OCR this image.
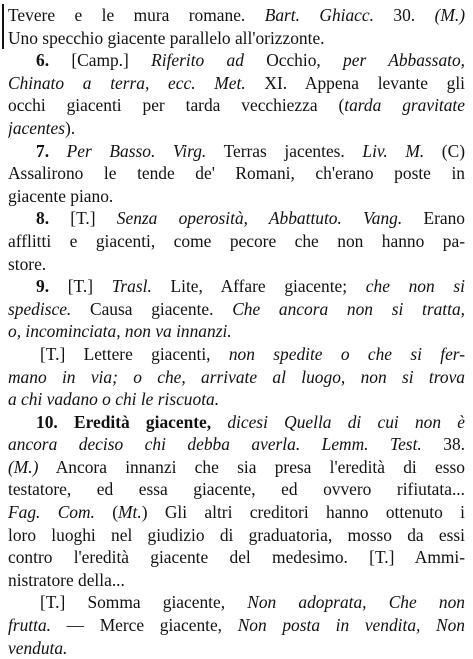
Tevere e le mura romane. Bart. Ghiacc. 30. (M.)
Uno specchio giacente parallelo all'orizzonte.
6. [Camp.] Riferito ad Occhio, per Abbassato,
Chinato a terra, ecc. Met. XI. Appena levante gli
occhi giacenti per tarda vecchiezza (tarda gravitate
jacentes).
7. Per Basso. Virg. Terras jacentes. Liv. M. (C)
Assalirono le tende de' Romani, ch'erano poste in
giacente piano.
8. [T.] Senza operosità, Abbattuto. Vang. Erano
afflitti e giacenti, come pecore che non hanno pa-
store.
9. [T.] Trasl. Lite, Affare giacente; che non si
spedisce. Causa giacente. Che ancora non si tratta,
o, incominciata, non va innanzi.
[T.] Lettere giacenti, non spedite o che si fer-
mano in via; o che, arrivate al luogo, non si trova
a chi vadano o chi le riscuota.
10. Eredità giacente, dicesi Quella di cui non è
ancora deciso chi debba averla. Lemm. Test. 38.
(M.) Ancora innanzi che sia presa l'eredità di esso
testatore, ed essa giacente, ed ovvero rifiutata...
Fag. Com. (Mt.) Gli altri creditori hanno ottenuto i
loro luoghi nel giudizio di graduatoria, mosso da essi
contro l'eredità giacente del medesimo. [T.] Ammi-
nistratore della...
[T.] Somma giacente, Non adoprata, Che non
frutta. — Merce giacente, Non posta in vendita, Non
venduta.
